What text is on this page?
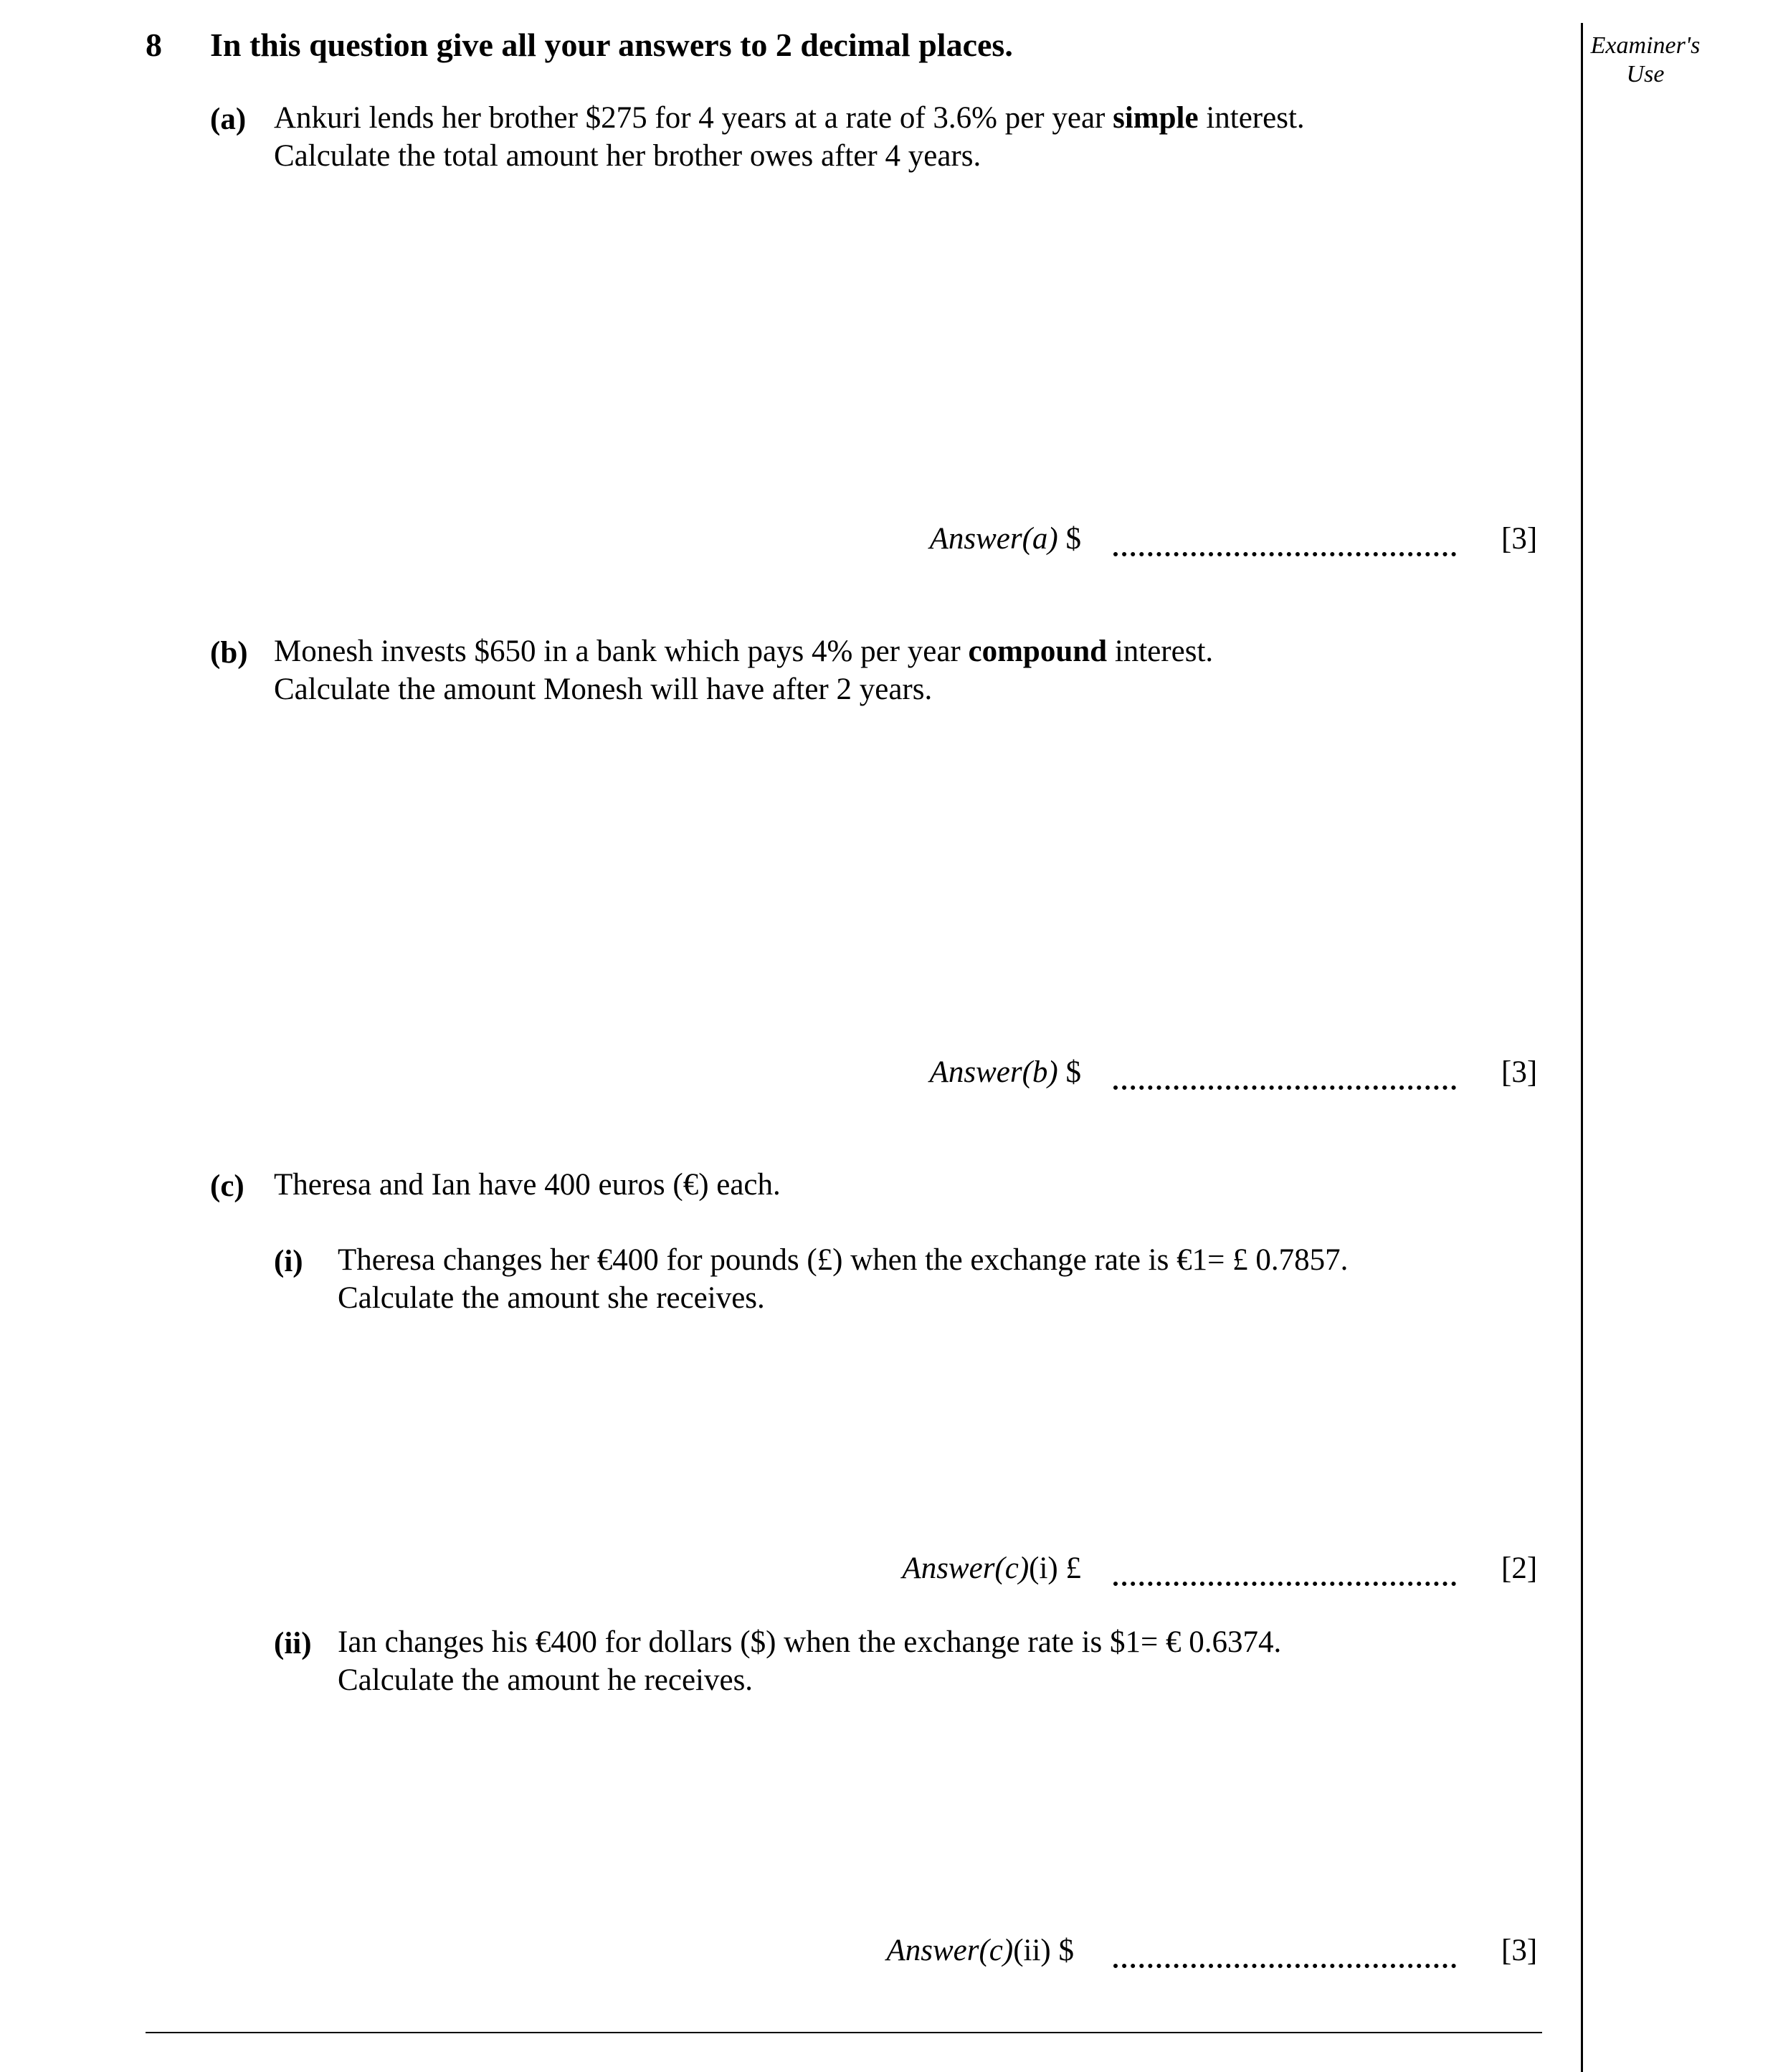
8 In this question give all your answers to 2 decimal places.	Examiner's Use
(a) Ankuri lends her brother $275 for 4 years at a rate of 3.6% per year simple interest.
Calculate the total amount her brother owes after 4 years.
Answer(a) $	[3]
(b) Monesh invests $650 in a bank which pays 4% per year compound interest.
Calculate the amount Monesh will have after 2 years.
Answer(b) $	[3]
(c) Theresa and Ian have 400 euros (€) each.
(i) Theresa changes her €400 for pounds (£) when the exchange rate is €1= £ 0.7857.
Calculate the amount she receives.
Answer(c)(i) £	[2]
(ii) Ian changes his €400 for dollars ($) when the exchange rate is $1= € 0.6374.
Calculate the amount he receives.
Answer(c)(ii) $	[3]
